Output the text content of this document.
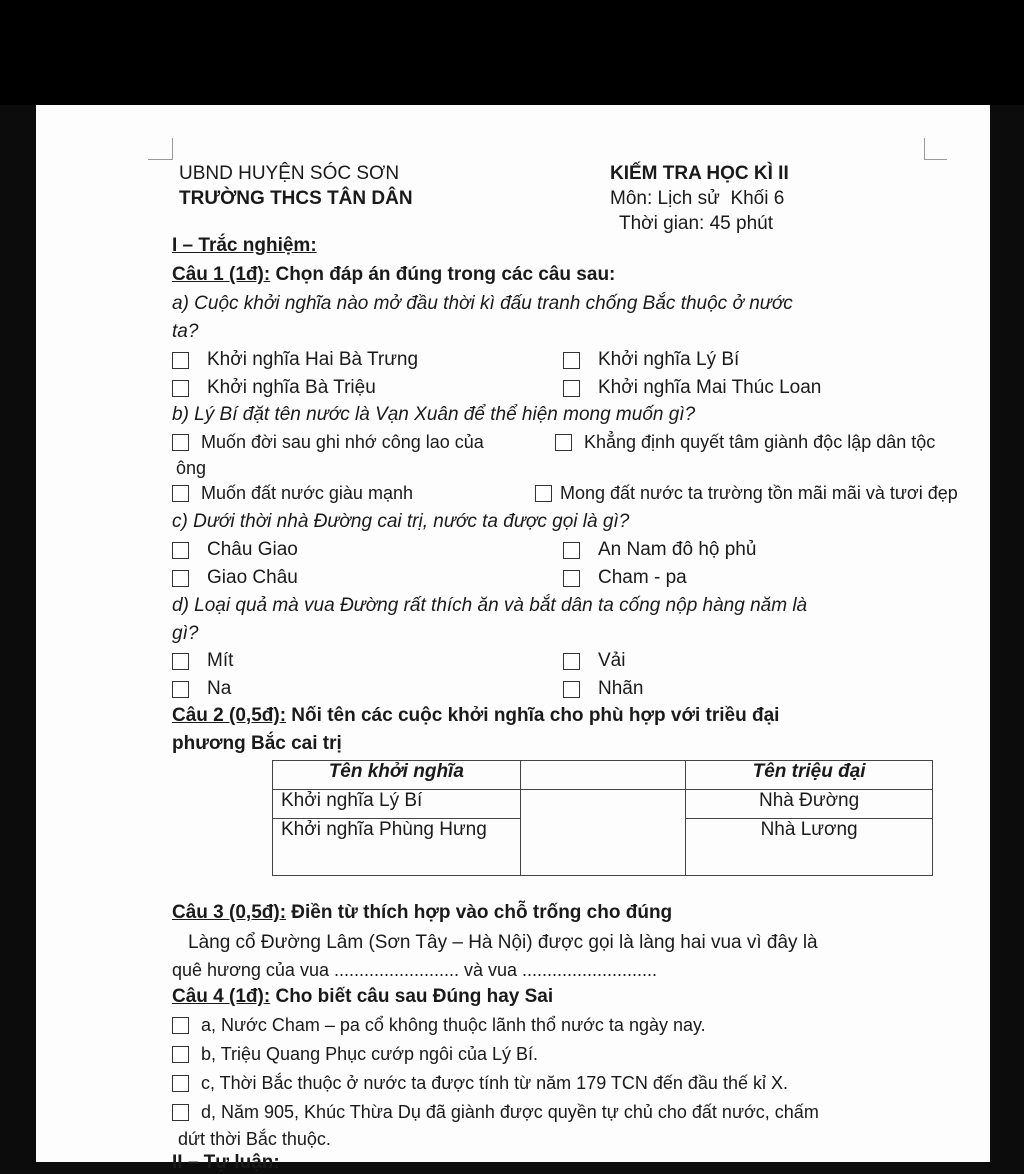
UBND HUYỆN SÓC SƠN
TRƯỜNG THCS TÂN DÂN
KIẾM TRA HỌC KÌ II
Môn: Lịch sử Khối 6
Thời gian: 45 phút
I – Trắc nghiệm:
Câu 1 (1đ): Chọn đáp án đúng trong các câu sau:
a) Cuộc khởi nghĩa nào mở đầu thời kì đấu tranh chống Bắc thuộc ở nước
ta?
Khởi nghĩa Hai Bà Trưng	Khởi nghĩa Lý Bí
Khởi nghĩa Bà Triệu	Khởi nghĩa Mai Thúc Loan
b) Lý Bí đặt tên nước là Vạn Xuân để thể hiện mong muốn gì?
Muốn đời sau ghi nhớ công lao của
ông
Khẳng định quyết tâm giành độc lập dân tộc
Muốn đất nước giàu mạnh	Mong đất nước ta trường tồn mãi mãi và tươi đẹp
c) Dưới thời nhà Đường cai trị, nước ta được gọi là gì?
Châu Giao	An Nam đô hộ phủ
Giao Châu	Cham - pa
d) Loại quả mà vua Đường rất thích ăn và bắt dân ta cống nộp hàng năm là
gì?
Mít	Vải
Na	Nhãn
Câu 2 (0,5đ): Nối tên các cuộc khởi nghĩa cho phù hợp với triều đại
phương Bắc cai trị
Tên khởi nghĩa		Tên triệu đại
Khởi nghĩa Lý Bí		Nhà Đường
Khởi nghĩa Phùng Hưng		Nhà Lương
Câu 3 (0,5đ): Điền từ thích hợp vào chỗ trống cho đúng
Làng cổ Đường Lâm (Sơn Tây – Hà Nội) được gọi là làng hai vua vì đây là
quê hương của vua ......................... và vua ...........................
Câu 4 (1đ): Cho biết câu sau Đúng hay Sai
a, Nước Cham – pa cổ không thuộc lãnh thổ nước ta ngày nay.
b, Triệu Quang Phục cướp ngôi của Lý Bí.
c, Thời Bắc thuộc ở nước ta được tính từ năm 179 TCN đến đầu thế kỉ X.
d, Năm 905, Khúc Thừa Dụ đã giành được quyền tự chủ cho đất nước, chấm
dứt thời Bắc thuộc.
II – Tự luận:
